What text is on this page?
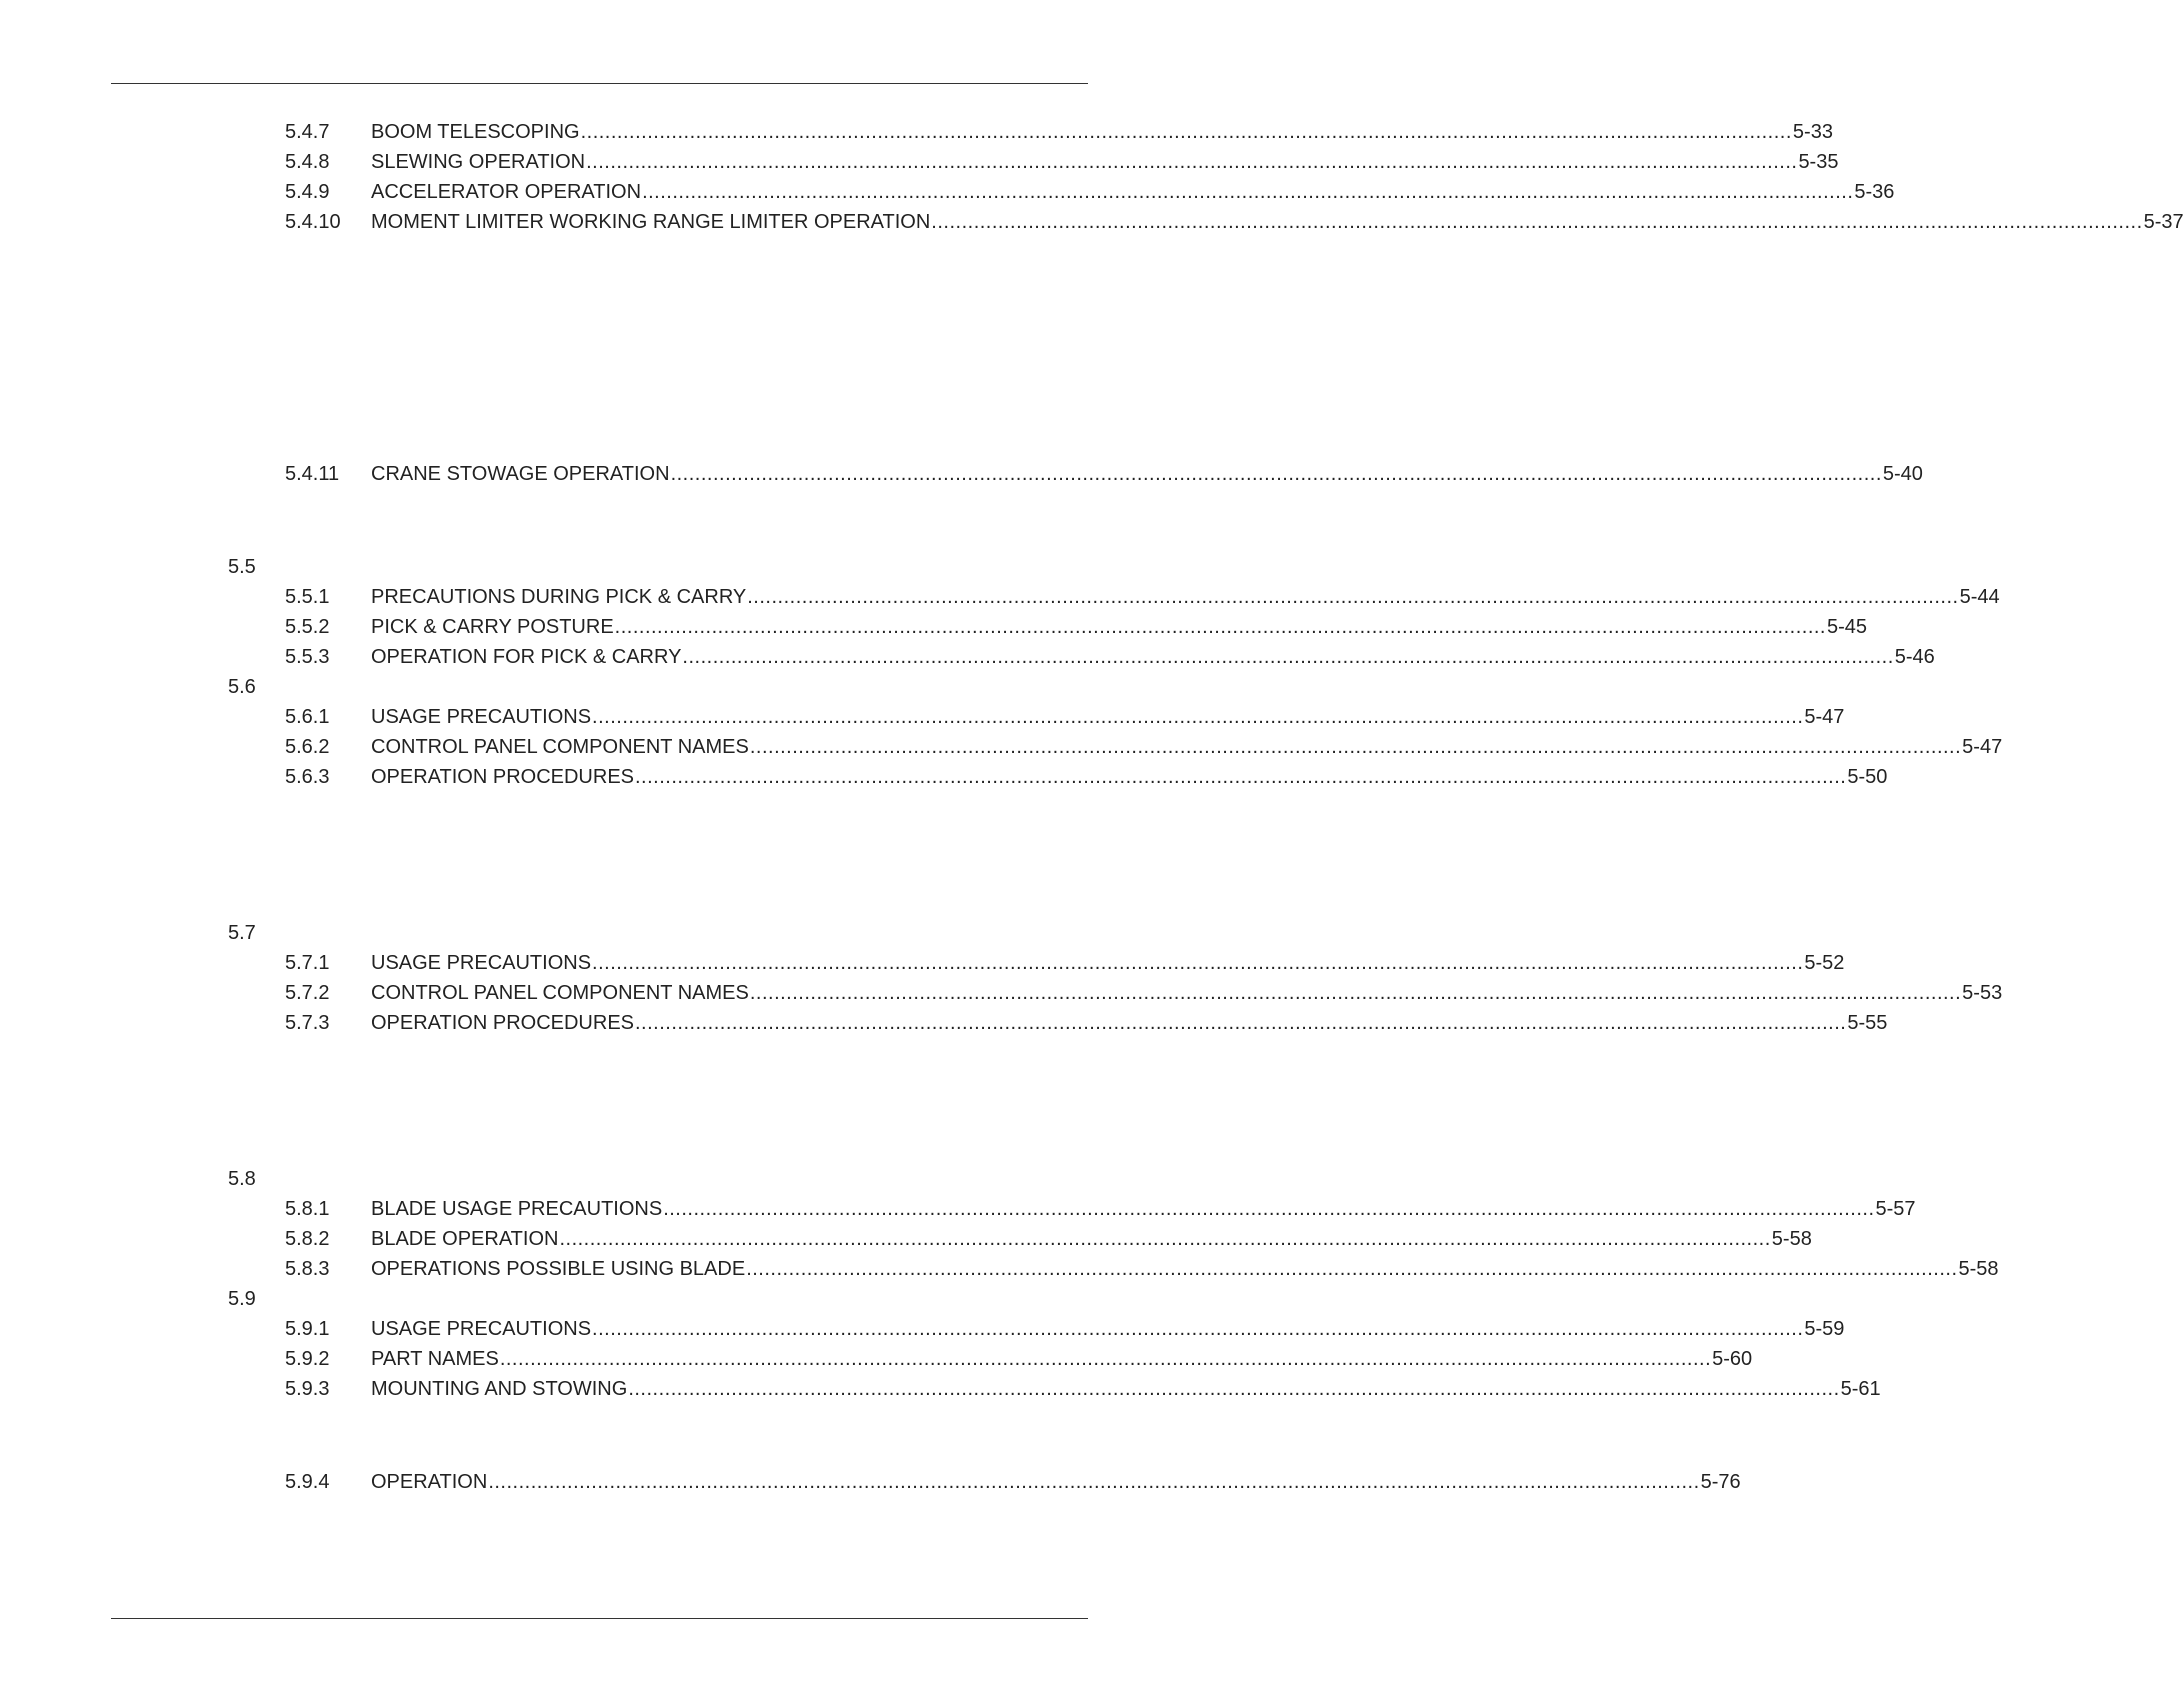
5.4.7 BOOM TELESCOPING ........................................................................................................................................................................................................ 5-33
5.4.8 SLEWING OPERATION ........................................................................................................................................................................................................ 5-35
5.4.9 ACCELERATOR OPERATION ........................................................................................................................................................................................................ 5-36
5.4.10 MOMENT LIMITER WORKING RANGE LIMITER OPERATION ........................................................................................................................................................................................................ 5-37
5.4.11 CRANE STOWAGE OPERATION ........................................................................................................................................................................................................ 5-40
5.5
5.5.1 PRECAUTIONS DURING PICK & CARRY ........................................................................................................................................................................................................ 5-44
5.5.2 PICK & CARRY POSTURE ........................................................................................................................................................................................................ 5-45
5.5.3 OPERATION FOR PICK & CARRY ........................................................................................................................................................................................................ 5-46
5.6
5.6.1 USAGE PRECAUTIONS ........................................................................................................................................................................................................ 5-47
5.6.2 CONTROL PANEL COMPONENT NAMES ........................................................................................................................................................................................................ 5-47
5.6.3 OPERATION PROCEDURES ........................................................................................................................................................................................................ 5-50
5.7
5.7.1 USAGE PRECAUTIONS ........................................................................................................................................................................................................ 5-52
5.7.2 CONTROL PANEL COMPONENT NAMES ........................................................................................................................................................................................................ 5-53
5.7.3 OPERATION PROCEDURES ........................................................................................................................................................................................................ 5-55
5.8
5.8.1 BLADE USAGE PRECAUTIONS ........................................................................................................................................................................................................ 5-57
5.8.2 BLADE OPERATION ........................................................................................................................................................................................................ 5-58
5.8.3 OPERATIONS POSSIBLE USING BLADE ........................................................................................................................................................................................................ 5-58
5.9
5.9.1 USAGE PRECAUTIONS ........................................................................................................................................................................................................ 5-59
5.9.2 PART NAMES ........................................................................................................................................................................................................ 5-60
5.9.3 MOUNTING AND STOWING ........................................................................................................................................................................................................ 5-61
5.9.4 OPERATION ........................................................................................................................................................................................................ 5-76
